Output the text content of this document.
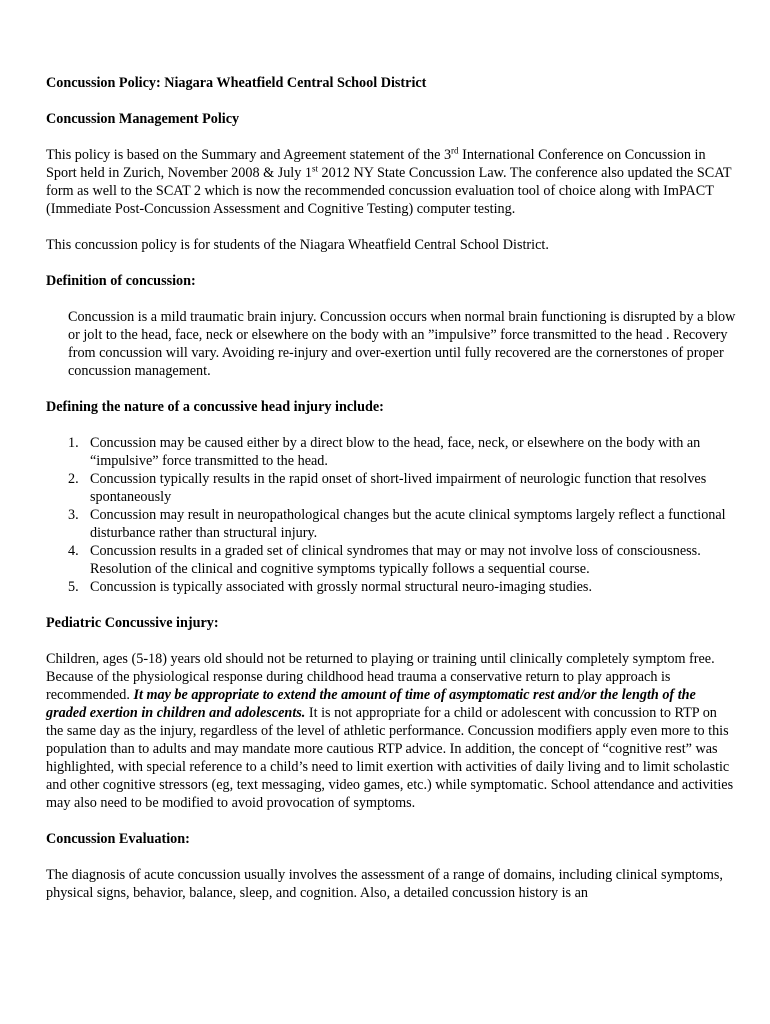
Concussion Policy: Niagara Wheatfield Central School District

Concussion Management Policy

This policy is based on the Summary and Agreement statement of the 3rd International Conference on Concussion in Sport held in Zurich, November 2008 & July 1st 2012 NY State Concussion Law. The conference also updated the SCAT form as well to the SCAT 2 which is now the recommended concussion evaluation tool of choice along with ImPACT (Immediate Post-Concussion Assessment and Cognitive Testing) computer testing.

This concussion policy is for students of the Niagara Wheatfield Central School District.

Definition of concussion:

Concussion is a mild traumatic brain injury. Concussion occurs when normal brain functioning is disrupted by a blow or jolt to the head, face, neck or elsewhere on the body with an ”impulsive” force transmitted to the head . Recovery from concussion will vary. Avoiding re-injury and over-exertion until fully recovered are the cornerstones of proper concussion management.

Defining the nature of a concussive head injury include:

1. Concussion may be caused either by a direct blow to the head, face, neck, or elsewhere on the body with an “impulsive” force transmitted to the head.
2. Concussion typically results in the rapid onset of short-lived impairment of neurologic function that resolves spontaneously
3. Concussion may result in neuropathological changes but the acute clinical symptoms largely reflect a functional disturbance rather than structural injury.
4. Concussion results in a graded set of clinical syndromes that may or may not involve loss of consciousness. Resolution of the clinical and cognitive symptoms typically follows a sequential course.
5. Concussion is typically associated with grossly normal structural neuro-imaging studies.

Pediatric Concussive injury:

Children, ages (5-18) years old should not be returned to playing or training until clinically completely symptom free. Because of the physiological response during childhood head trauma a conservative return to play approach is recommended. It may be appropriate to extend the amount of time of asymptomatic rest and/or the length of the graded exertion in children and adolescents. It is not appropriate for a child or adolescent with concussion to RTP on the same day as the injury, regardless of the level of athletic performance. Concussion modifiers apply even more to this population than to adults and may mandate more cautious RTP advice. In addition, the concept of “cognitive rest” was highlighted, with special reference to a child’s need to limit exertion with activities of daily living and to limit scholastic and other cognitive stressors (eg, text messaging, video games, etc.) while symptomatic. School attendance and activities may also need to be modified to avoid provocation of symptoms.

Concussion Evaluation:

The diagnosis of acute concussion usually involves the assessment of a range of domains, including clinical symptoms, physical signs, behavior, balance, sleep, and cognition. Also, a detailed concussion history is an
